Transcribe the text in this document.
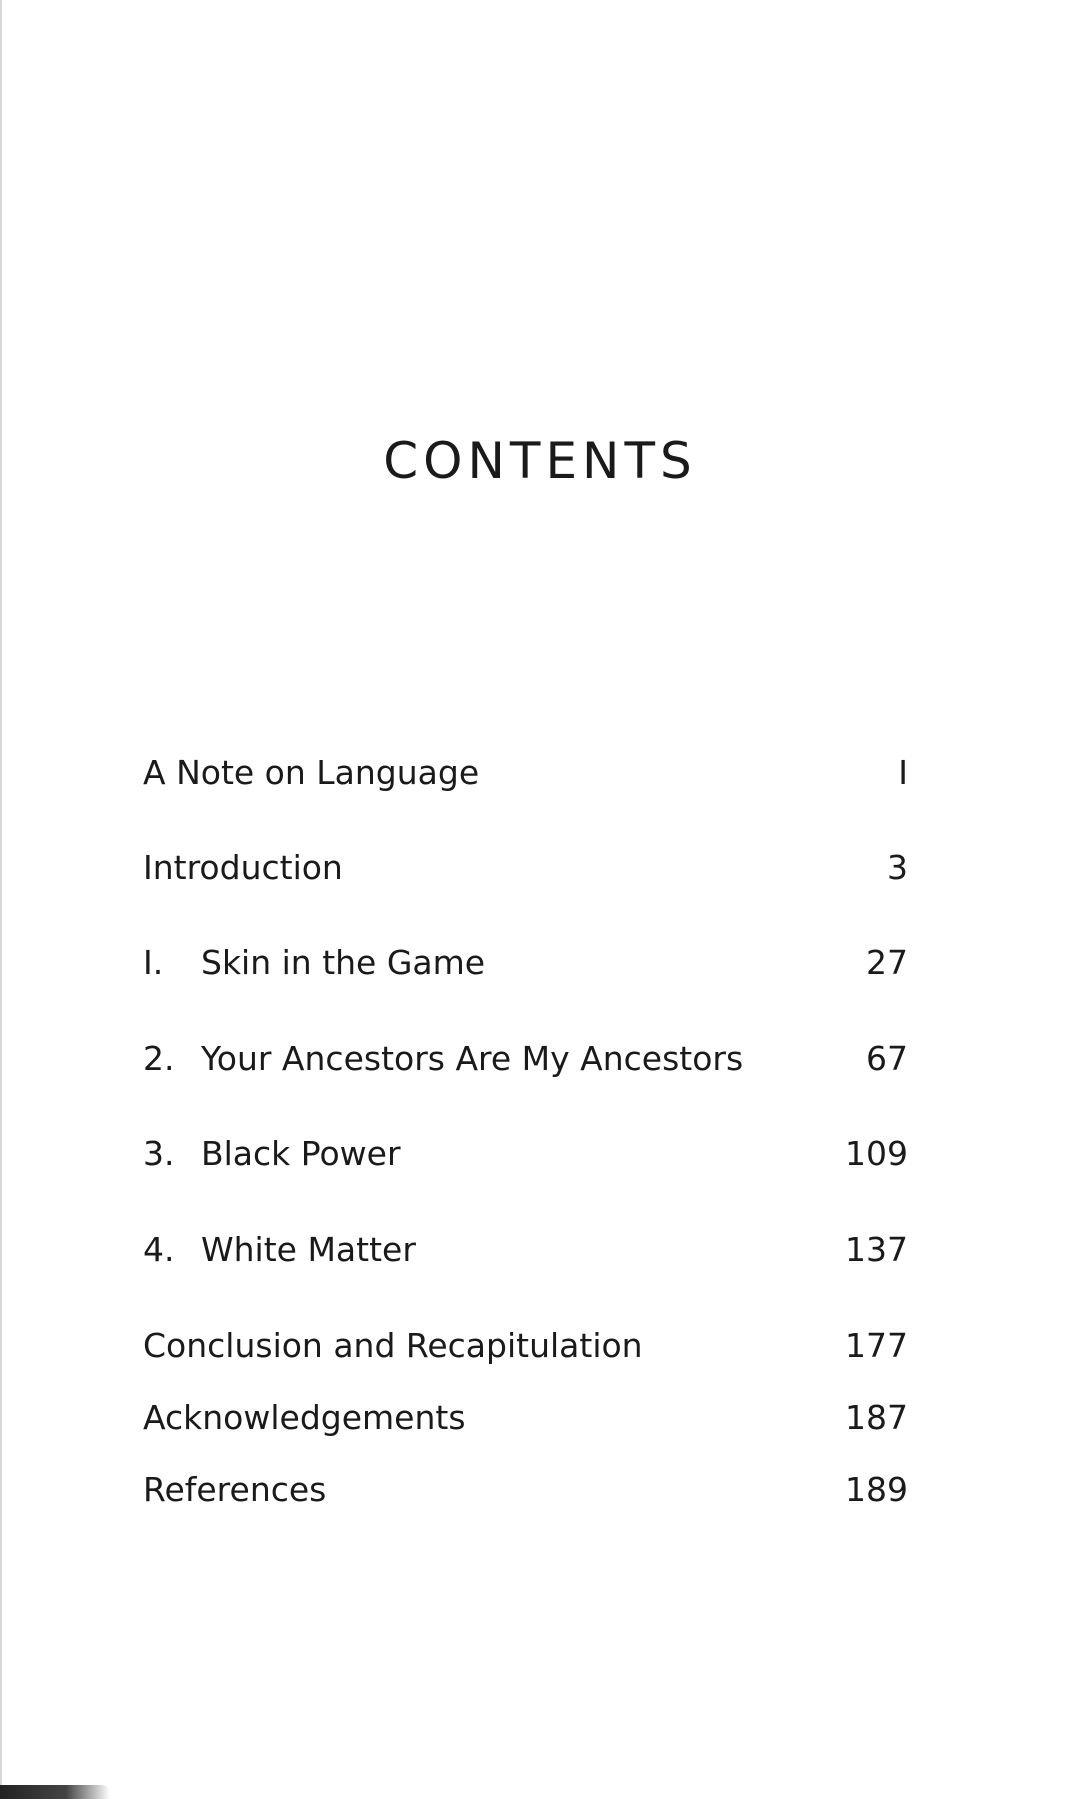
CONTENTS
A Note on Language	I
Introduction	3
I. Skin in the Game	27
2. Your Ancestors Are My Ancestors	67
3. Black Power	109
4. White Matter	137
Conclusion and Recapitulation	177
Acknowledgements	187
References	189
